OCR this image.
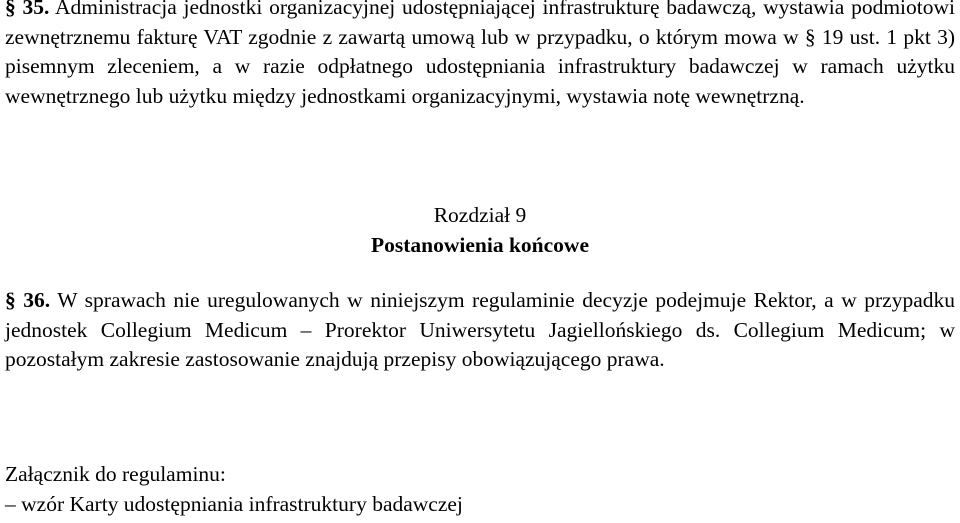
§ 35. Administracja jednostki organizacyjnej udostępniającej infrastrukturę badawczą, wystawia podmiotowi zewnętrznemu fakturę VAT zgodnie z zawartą umową lub w przypadku, o którym mowa w § 19 ust. 1 pkt 3) pisemnym zleceniem, a w razie odpłatnego udostępniania infrastruktury badawczej w ramach użytku wewnętrznego lub użytku między jednostkami organizacyjnymi, wystawia notę wewnętrzną.
Rozdział 9
Postanowienia końcowe
§ 36. W sprawach nie uregulowanych w niniejszym regulaminie decyzje podejmuje Rektor, a w przypadku jednostek Collegium Medicum – Prorektor Uniwersytetu Jagiellońskiego ds. Collegium Medicum; w pozostałym zakresie zastosowanie znajdują przepisy obowiązującego prawa.
Załącznik do regulaminu:
– wzór Karty udostępniania infrastruktury badawczej
